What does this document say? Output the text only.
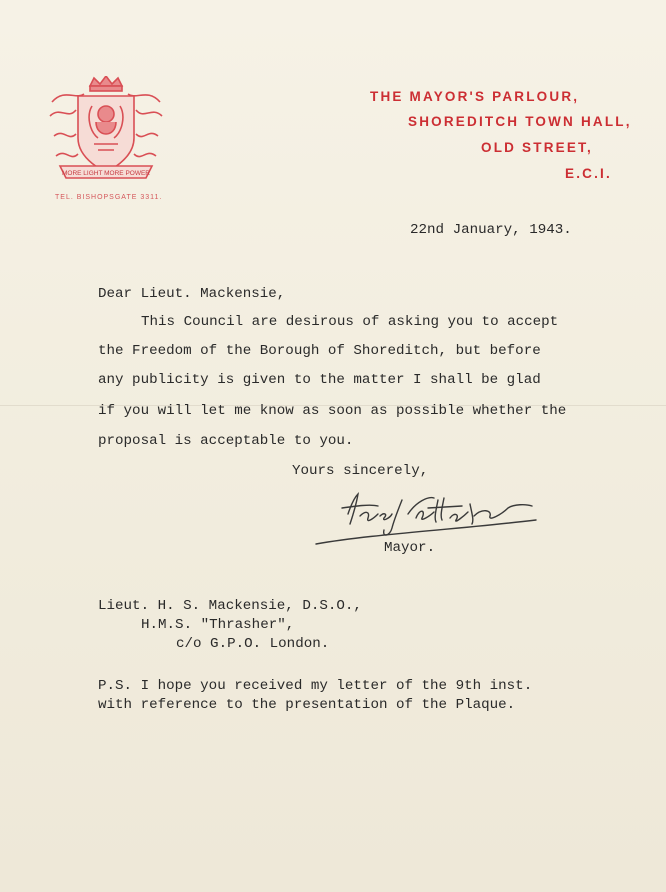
MORE LIGHT MORE POWER
TEL. BISHOPSGATE 3311.
THE MAYOR'S PARLOUR,
SHOREDITCH TOWN HALL,
OLD STREET,
E.C.I.
22nd January, 1943.
Dear Lieut. Mackensie,
This Council are desirous of asking you to accept
the Freedom of the Borough of Shoreditch, but before
any publicity is given to the matter I shall be glad
if you will let me know as soon as possible whether the
proposal is acceptable to you.
Yours sincerely,
Mayor.
Lieut. H. S. Mackensie, D.S.O.,
H.M.S. "Thrasher",
c/o G.P.O. London.
P.S. I hope you received my letter of the 9th inst.
with reference to the presentation of the Plaque.
